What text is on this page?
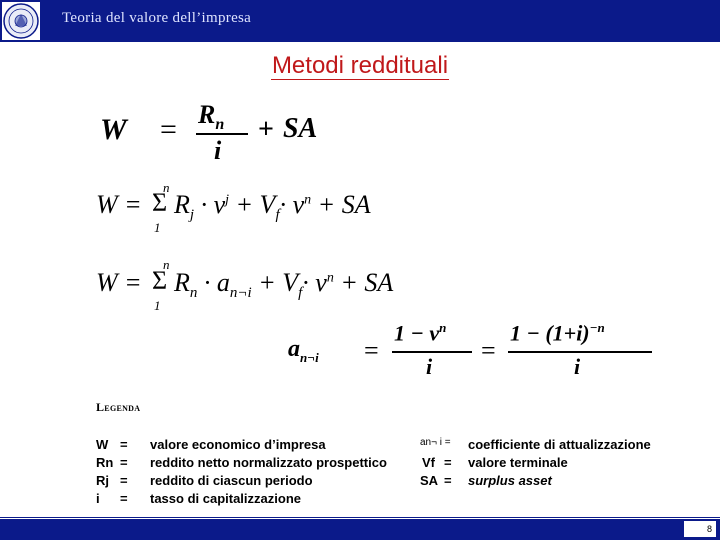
Teoria del valore dell’impresa
Metodi reddituali
$W = R_n$
i
+ SA
W =
n
Σ
1
$R_j \cdot v^j + V_f\cdot v^n$ + SA
W =
n
Σ
1
$R_n \cdot a_{n\neg i} + V_f\cdot v^n$ + SA
$a_{n\neg i}$ =
$1 - v^n$
i
=
$1 - (1+i)^{-n}$
i
Legenda
W = valore economico d’impresa
Rn = reddito netto normalizzato prospettico
Rj = reddito di ciascun periodo
i = tasso di capitalizzazione
an¬ i = coefficiente di attualizzazione
Vf = valore terminale
SA = surplus asset
8
